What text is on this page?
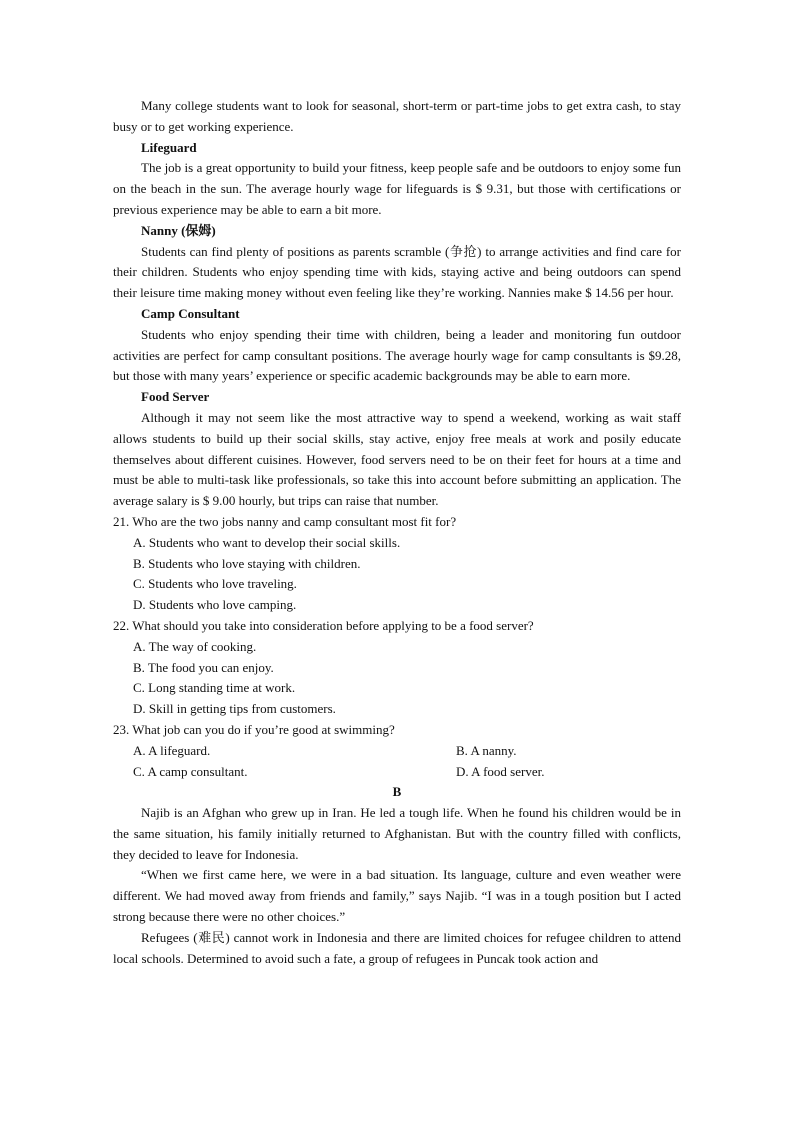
Many college students want to look for seasonal, short-term or part-time jobs to get extra cash, to stay busy or to get working experience.

Lifeguard

The job is a great opportunity to build your fitness, keep people safe and be outdoors to enjoy some fun on the beach in the sun. The average hourly wage for lifeguards is $ 9.31, but those with certifications or previous experience may be able to earn a bit more.

Nanny (保姆)

Students can find plenty of positions as parents scramble (争抢) to arrange activities and find care for their children. Students who enjoy spending time with kids, staying active and being outdoors can spend their leisure time making money without even feeling like they’re working. Nannies make $ 14.56 per hour.

Camp Consultant

Students who enjoy spending their time with children, being a leader and monitoring fun outdoor activities are perfect for camp consultant positions. The average hourly wage for camp consultants is $9.28, but those with many years’ experience or specific academic backgrounds may be able to earn more.

Food Server

Although it may not seem like the most attractive way to spend a weekend, working as wait staff allows students to build up their social skills, stay active, enjoy free meals at work and posily educate themselves about different cuisines. However, food servers need to be on their feet for hours at a time and must be able to multi-task like professionals, so take this into account before submitting an application. The average salary is $ 9.00 hourly, but trips can raise that number.

21. Who are the two jobs nanny and camp consultant most fit for?

A. Students who want to develop their social skills.

B. Students who love staying with children.

C. Students who love traveling.

D. Students who love camping.

22. What should you take into consideration before applying to be a food server?

A. The way of cooking.

B. The food you can enjoy.

C. Long standing time at work.

D. Skill in getting tips from customers.

23. What job can you do if you’re good at swimming?

A. A lifeguard.	B. A nanny.
C. A camp consultant.	D. A food server.

B

Najib is an Afghan who grew up in Iran. He led a tough life. When he found his children would be in the same situation, his family initially returned to Afghanistan. But with the country filled with conflicts, they decided to leave for Indonesia.

“When we first came here, we were in a bad situation. Its language, culture and even weather were different. We had moved away from friends and family,” says Najib. “I was in a tough position but I acted strong because there were no other choices.”

Refugees (难民) cannot work in Indonesia and there are limited choices for refugee children to attend local schools. Determined to avoid such a fate, a group of refugees in Puncak took action and
